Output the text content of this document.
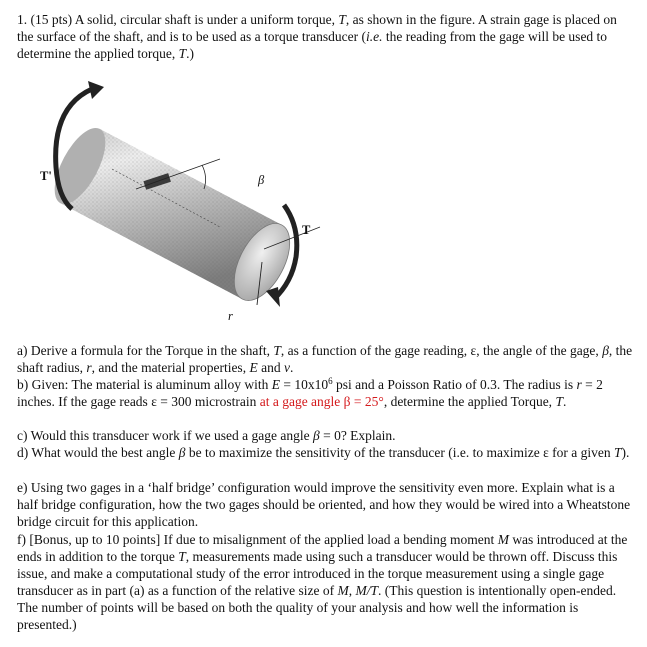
1. (15 pts) A solid, circular shaft is under a uniform torque, T, as shown in the figure. A strain gage is placed on the surface of the shaft, and is to be used as a torque transducer (i.e. the reading from the gage will be used to determine the applied torque, T.)
T'	β
T
r
a) Derive a formula for the Torque in the shaft, T, as a function of the gage reading, ε, the angle of the gage, β, the shaft radius, r, and the material properties, E and ν.
b) Given: The material is aluminum alloy with $E = 10x10^6$ psi and a Poisson Ratio of 0.3. The radius is r = 2 inches. If the gage reads ε = 300 microstrain at a gage angle β = 25°, determine the applied Torque, T.
c) Would this transducer work if we used a gage angle β = 0? Explain.
d) What would the best angle β be to maximize the sensitivity of the transducer (i.e. to maximize ε for a given T).
e) Using two gages in a ‘half bridge’ configuration would improve the sensitivity even more. Explain what is a half bridge configuration, how the two gages should be oriented, and how they would be wired into a Wheatstone bridge circuit for this application.
f) [Bonus, up to 10 points] If due to misalignment of the applied load a bending moment M was introduced at the ends in addition to the torque T, measurements made using such a transducer would be thrown off. Discuss this issue, and make a computational study of the error introduced in the torque measurement using a single gage transducer as in part (a) as a function of the relative size of M, M/T. (This question is intentionally open-ended. The number of points will be based on both the quality of your analysis and how well the information is presented.)
